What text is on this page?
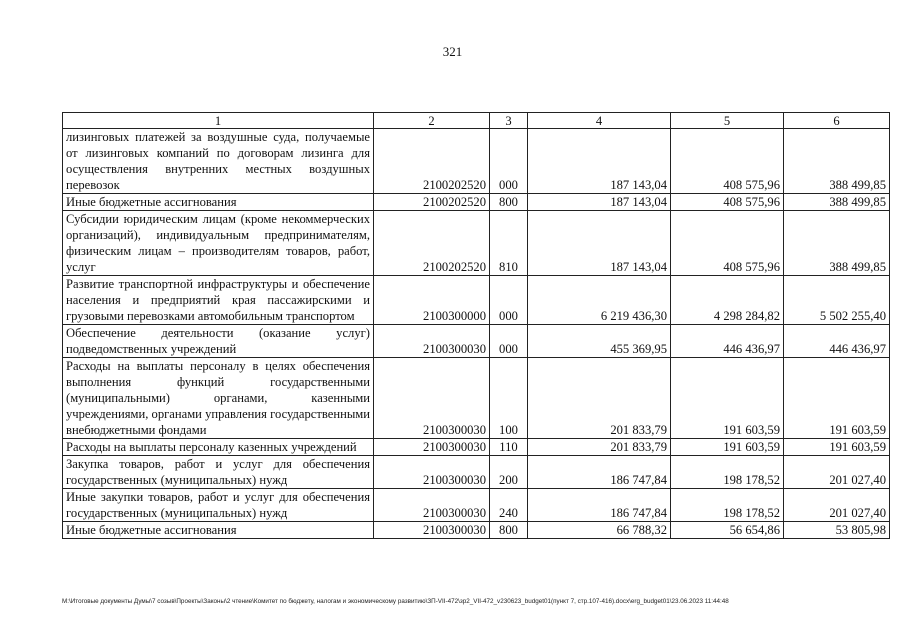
321
1	2	3	4	5	6
лизинговых платежей за воздушные суда, получаемые от лизинговых компаний по договорам лизинга для осуществления внутренних местных воздушных перевозок	2100202520	000	187 143,04	408 575,96	388 499,85
Иные бюджетные ассигнования	2100202520	800	187 143,04	408 575,96	388 499,85
Субсидии юридическим лицам (кроме некоммерческих организаций), индивидуальным предпринимателям, физическим лицам – производителям товаров, работ, услуг	2100202520	810	187 143,04	408 575,96	388 499,85
Развитие транспортной инфраструктуры и обеспечение населения и предприятий края пассажирскими и грузовыми перевозками автомобильным транспортом	2100300000	000	6 219 436,30	4 298 284,82	5 502 255,40
Обеспечение деятельности (оказание услуг) подведомственных учреждений	2100300030	000	455 369,95	446 436,97	446 436,97
Расходы на выплаты персоналу в целях обеспечения выполнения функций государственными (муниципальными) органами, казенными учреждениями, органами управления государственными внебюджетными фондами	2100300030	100	201 833,79	191 603,59	191 603,59
Расходы на выплаты персоналу казенных учреждений	2100300030	110	201 833,79	191 603,59	191 603,59
Закупка товаров, работ и услуг для обеспечения государственных (муниципальных) нужд	2100300030	200	186 747,84	198 178,52	201 027,40
Иные закупки товаров, работ и услуг для обеспечения государственных (муниципальных) нужд	2100300030	240	186 747,84	198 178,52	201 027,40
Иные бюджетные ассигнования	2100300030	800	66 788,32	56 654,86	53 805,98
M:\Итоговые документы Думы\7 созыв\Проекты\Законы\2 чтение\Комитет по бюджету, налогам и экономическому развитию\ЗП-VII-472\зр2_VII-472_v230623_budget01(пункт 7, стр.107-416).docx\erg_budget01\23.06.2023 11:44:48
